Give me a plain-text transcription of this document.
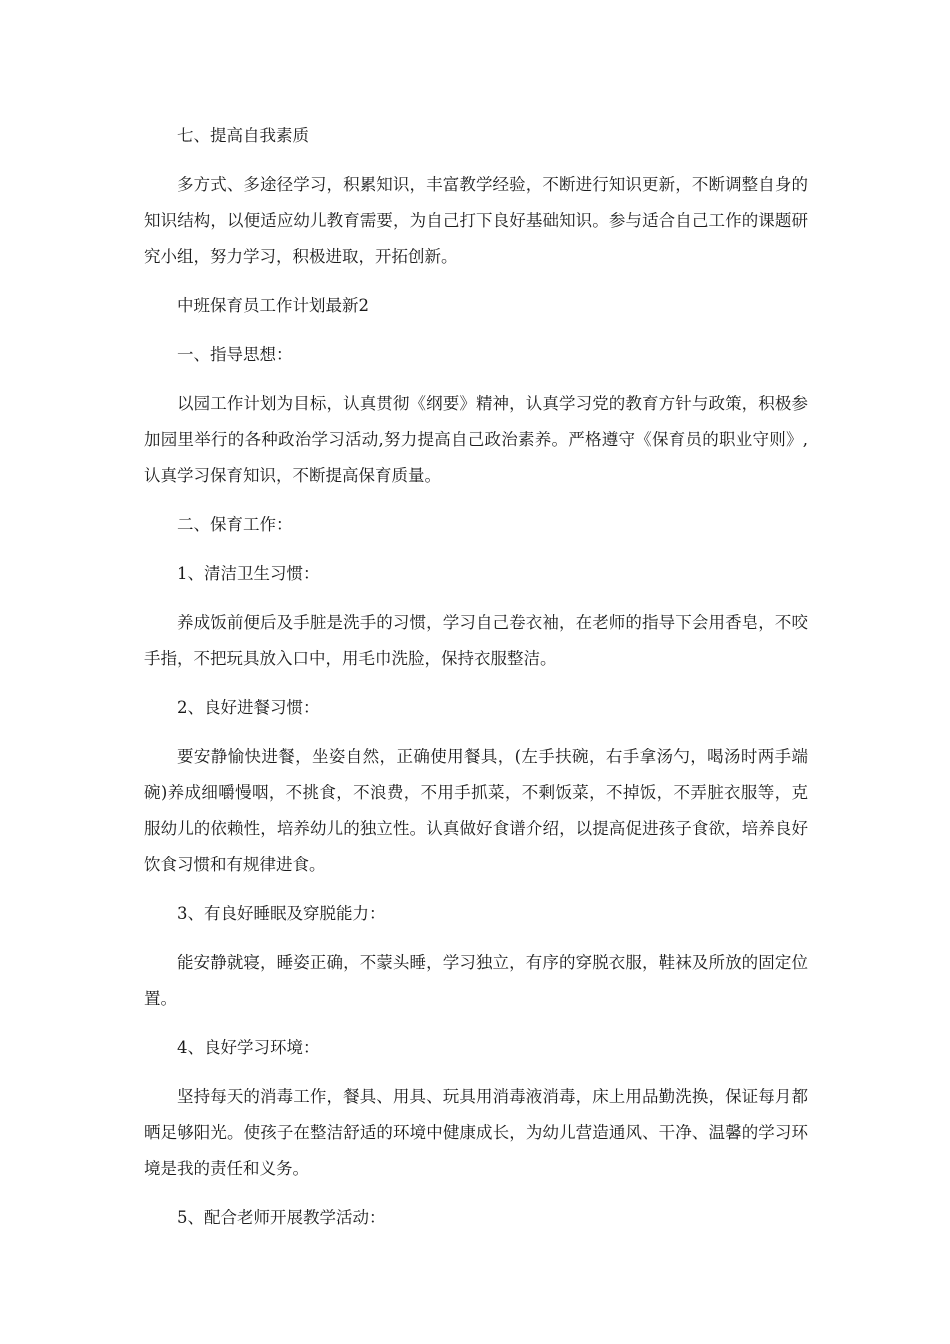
七、提高自我素质

多方式、多途径学习，积累知识，丰富教学经验，不断进行知识更新，不断调整自身的知识结构，以便适应幼儿教育需要，为自己打下良好基础知识。参与适合自己工作的课题研究小组，努力学习，积极进取，开拓创新。

中班保育员工作计划最新2

一、指导思想：

以园工作计划为目标，认真贯彻《纲要》精神，认真学习党的教育方针与政策，积极参加园里举行的各种政治学习活动,努力提高自己政治素养。严格遵守《保育员的职业守则》,认真学习保育知识，不断提高保育质量。

二、保育工作：

1、清洁卫生习惯：

养成饭前便后及手脏是洗手的习惯，学习自己卷衣袖，在老师的指导下会用香皂，不咬手指，不把玩具放入口中，用毛巾洗脸，保持衣服整洁。

2、良好进餐习惯：

要安静愉快进餐，坐姿自然，正确使用餐具，(左手扶碗，右手拿汤勺，喝汤时两手端碗)养成细嚼慢咽，不挑食，不浪费，不用手抓菜，不剩饭菜，不掉饭，不弄脏衣服等，克服幼儿的依赖性，培养幼儿的独立性。认真做好食谱介绍，以提高促进孩子食欲，培养良好饮食习惯和有规律进食。

3、有良好睡眠及穿脱能力：

能安静就寝，睡姿正确，不蒙头睡，学习独立，有序的穿脱衣服，鞋袜及所放的固定位置。

4、良好学习环境：

坚持每天的消毒工作，餐具、用具、玩具用消毒液消毒，床上用品勤洗换，保证每月都晒足够阳光。使孩子在整洁舒适的环境中健康成长，为幼儿营造通风、干净、温馨的学习环境是我的责任和义务。

5、配合老师开展教学活动：
